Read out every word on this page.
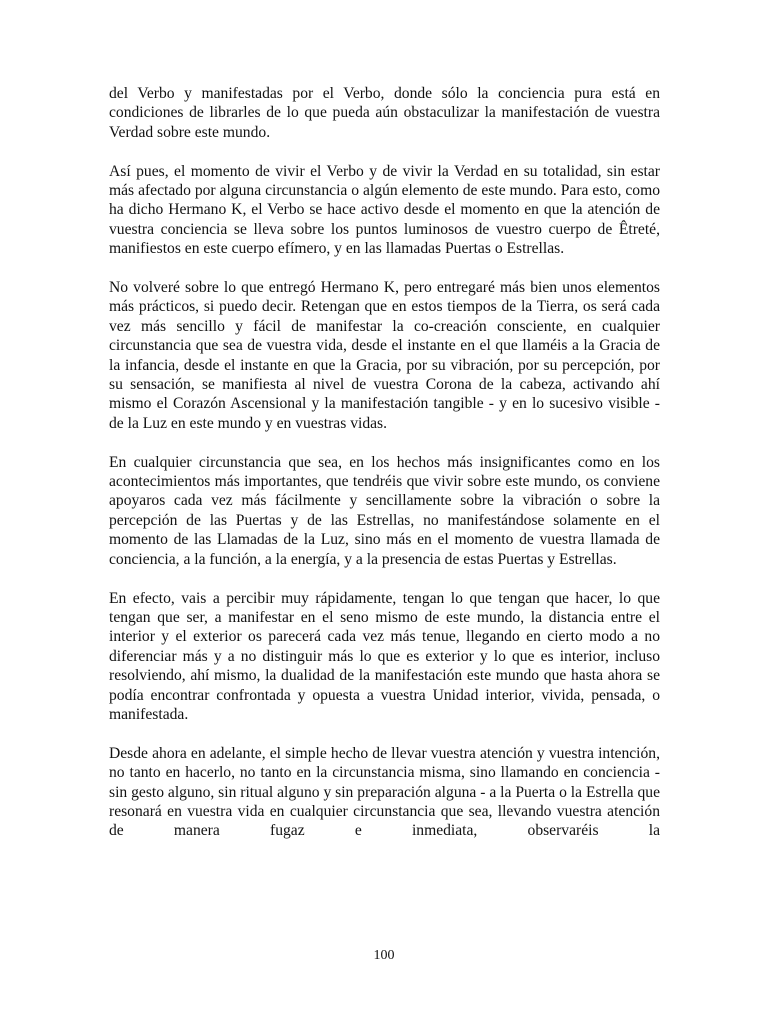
del Verbo y manifestadas por el Verbo, donde sólo la conciencia pura está en condiciones de librarles de lo que pueda aún obstaculizar la manifestación de vuestra Verdad sobre este mundo.

Así pues, el momento de vivir el Verbo y de vivir la Verdad en su totalidad, sin estar más afectado por alguna circunstancia o algún elemento de este mundo. Para esto, como ha dicho Hermano K, el Verbo se hace activo desde el momento en que la atención de vuestra conciencia se lleva sobre los puntos luminosos de vuestro cuerpo de Êtreté, manifiestos en este cuerpo efímero, y en las llamadas Puertas o Estrellas.

No volveré sobre lo que entregó Hermano K, pero entregaré más bien unos elementos más prácticos, si puedo decir. Retengan que en estos tiempos de la Tierra, os será cada vez más sencillo y fácil de manifestar la co-creación consciente, en cualquier circunstancia que sea de vuestra vida, desde el instante en el que llaméis a la Gracia de la infancia, desde el instante en que la Gracia, por su vibración, por su percepción, por su sensación, se manifiesta al nivel de vuestra Corona de la cabeza, activando ahí mismo el Corazón Ascensional y la manifestación tangible - y en lo sucesivo visible - de la Luz en este mundo y en vuestras vidas.

En cualquier circunstancia que sea, en los hechos más insignificantes como en los acontecimientos más importantes, que tendréis que vivir sobre este mundo, os conviene apoyaros cada vez más fácilmente y sencillamente sobre la vibración o sobre la percepción de las Puertas y de las Estrellas, no manifestándose solamente en el momento de las Llamadas de la Luz, sino más en el momento de vuestra llamada de conciencia, a la función, a la energía, y a la presencia de estas Puertas y Estrellas.

En efecto, vais a percibir muy rápidamente, tengan lo que tengan que hacer, lo que tengan que ser, a manifestar en el seno mismo de este mundo, la distancia entre el interior y el exterior os parecerá cada vez más tenue, llegando en cierto modo a no diferenciar más y a no distinguir más lo que es exterior y lo que es interior, incluso resolviendo, ahí mismo, la dualidad de la manifestación este mundo que hasta ahora se podía encontrar confrontada y opuesta a vuestra Unidad interior, vivida, pensada, o manifestada.

Desde ahora en adelante, el simple hecho de llevar vuestra atención y vuestra intención, no tanto en hacerlo, no tanto en la circunstancia misma, sino llamando en conciencia - sin gesto alguno, sin ritual alguno y sin preparación alguna - a la Puerta o la Estrella que resonará en vuestra vida en cualquier circunstancia que sea, llevando vuestra atención de manera fugaz e inmediata, observaréis la

100
